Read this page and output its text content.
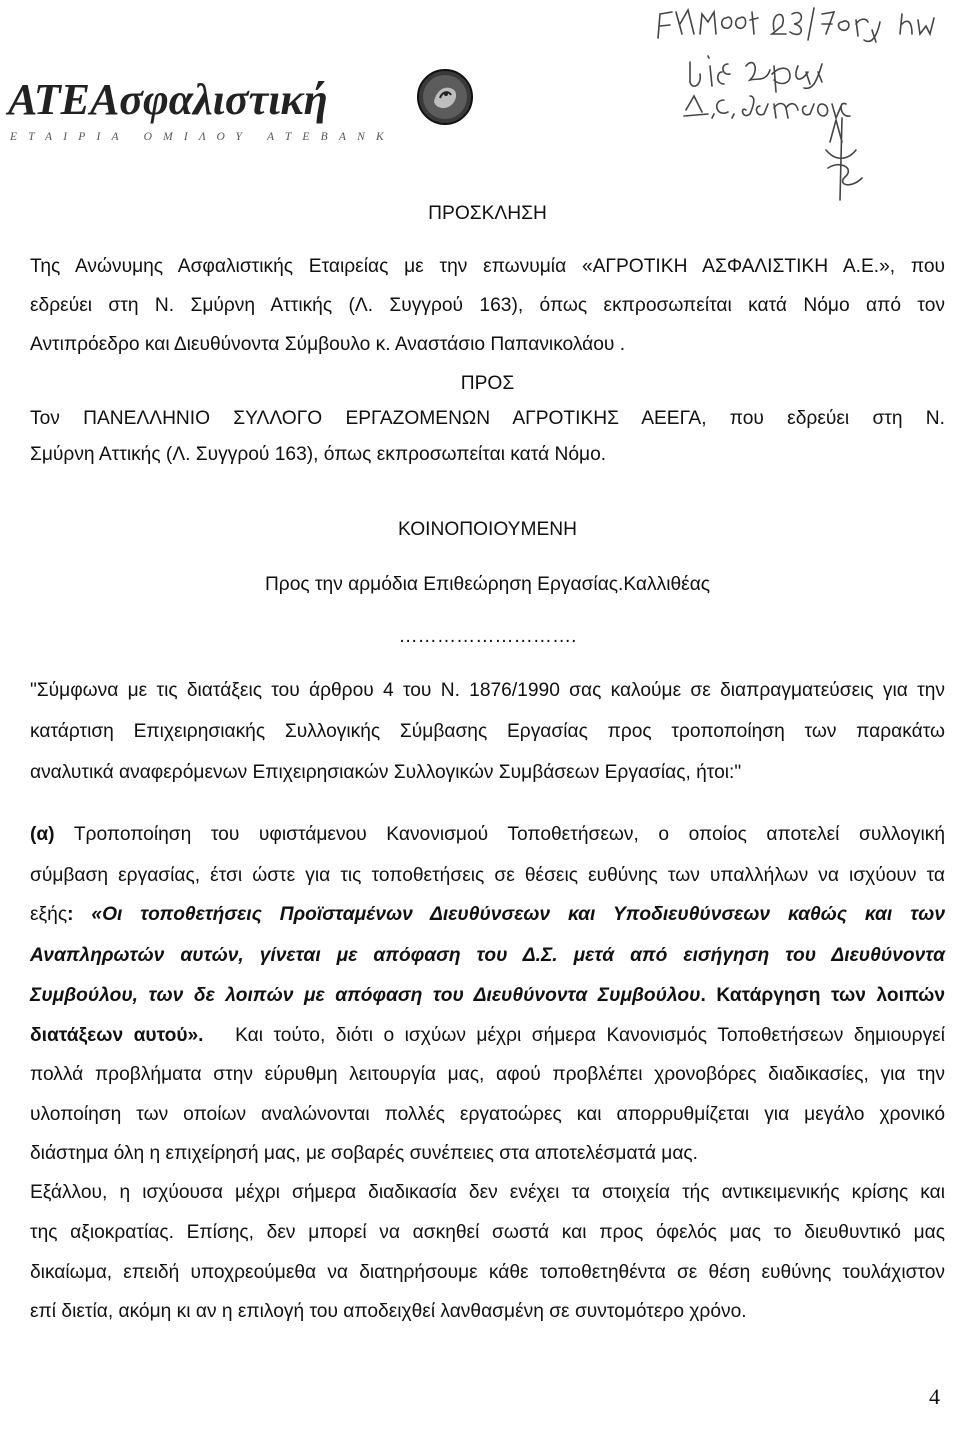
ΑΤΕΑσφαλιστική
ΕΤΑΙΡΙΑ ΟΜΙΛΟΥ ΑΤΕΒΑΝΚ
ΠΡΟΣΚΛΗΣΗ
Της Ανώνυμης Ασφαλιστικής Εταιρείας με την επωνυμία «ΑΓΡΟΤΙΚΗ ΑΣΦΑΛΙΣΤΙΚΗ Α.Ε.», που
εδρεύει στη Ν. Σμύρνη Αττικής (Λ. Συγγρού 163), όπως εκπροσωπείται κατά Νόμο από τον
Αντιπρόεδρο και Διευθύνοντα Σύμβουλο κ. Αναστάσιο Παπανικολάου .
ΠΡΟΣ
Τον ΠΑΝΕΛΛΗΝΙΟ ΣΥΛΛΟΓΟ ΕΡΓΑΖΟΜΕΝΩΝ ΑΓΡΟΤΙΚΗΣ ΑΕΕΓΑ, που εδρεύει στη Ν.
Σμύρνη Αττικής (Λ. Συγγρού 163), όπως εκπροσωπείται κατά Νόμο.
ΚΟΙΝΟΠΟΙΟΥΜΕΝΗ
Προς την αρμόδια Επιθεώρηση Εργασίας.Καλλιθέας
……………………….
"Σύμφωνα με τις διατάξεις του άρθρου 4 του Ν. 1876/1990 σας καλούμε σε διαπραγματεύσεις για την
κατάρτιση Επιχειρησιακής Συλλογικής Σύμβασης Εργασίας προς τροποποίηση των παρακάτω
αναλυτικά αναφερόμενων Επιχειρησιακών Συλλογικών Συμβάσεων Εργασίας, ήτοι:"
(α) Τροποποίηση του υφιστάμενου Κανονισμού Τοποθετήσεων, ο οποίος αποτελεί συλλογική
σύμβαση εργασίας, έτσι ώστε για τις τοποθετήσεις σε θέσεις ευθύνης των υπαλλήλων να ισχύουν τα
εξής: «Οι τοποθετήσεις Προϊσταμένων Διευθύνσεων και Υποδιευθύνσεων καθώς και των
Αναπληρωτών αυτών, γίνεται με απόφαση του Δ.Σ. μετά από εισήγηση του Διευθύνοντα
Συμβούλου, των δε λοιπών με απόφαση του Διευθύνοντα Συμβούλου. Κατάργηση των λοιπών
διατάξεων αυτού». Και τούτο, διότι ο ισχύων μέχρι σήμερα Κανονισμός Τοποθετήσεων δημιουργεί
πολλά προβλήματα στην εύρυθμη λειτουργία μας, αφού προβλέπει χρονοβόρες διαδικασίες, για την
υλοποίηση των οποίων αναλώνονται πολλές εργατοώρες και απορρυθμίζεται για μεγάλο χρονικό
διάστημα όλη η επιχείρησή μας, με σοβαρές συνέπειες στα αποτελέσματά μας.
Εξάλλου, η ισχύουσα μέχρι σήμερα διαδικασία δεν ενέχει τα στοιχεία τής αντικειμενικής κρίσης και
της αξιοκρατίας. Επίσης, δεν μπορεί να ασκηθεί σωστά και προς όφελός μας το διευθυντικό μας
δικαίωμα, επειδή υποχρεούμεθα να διατηρήσουμε κάθε τοποθετηθέντα σε θέση ευθύνης τουλάχιστον
επί διετία, ακόμη κι αν η επιλογή του αποδειχθεί λανθασμένη σε συντομότερο χρόνο.
4
